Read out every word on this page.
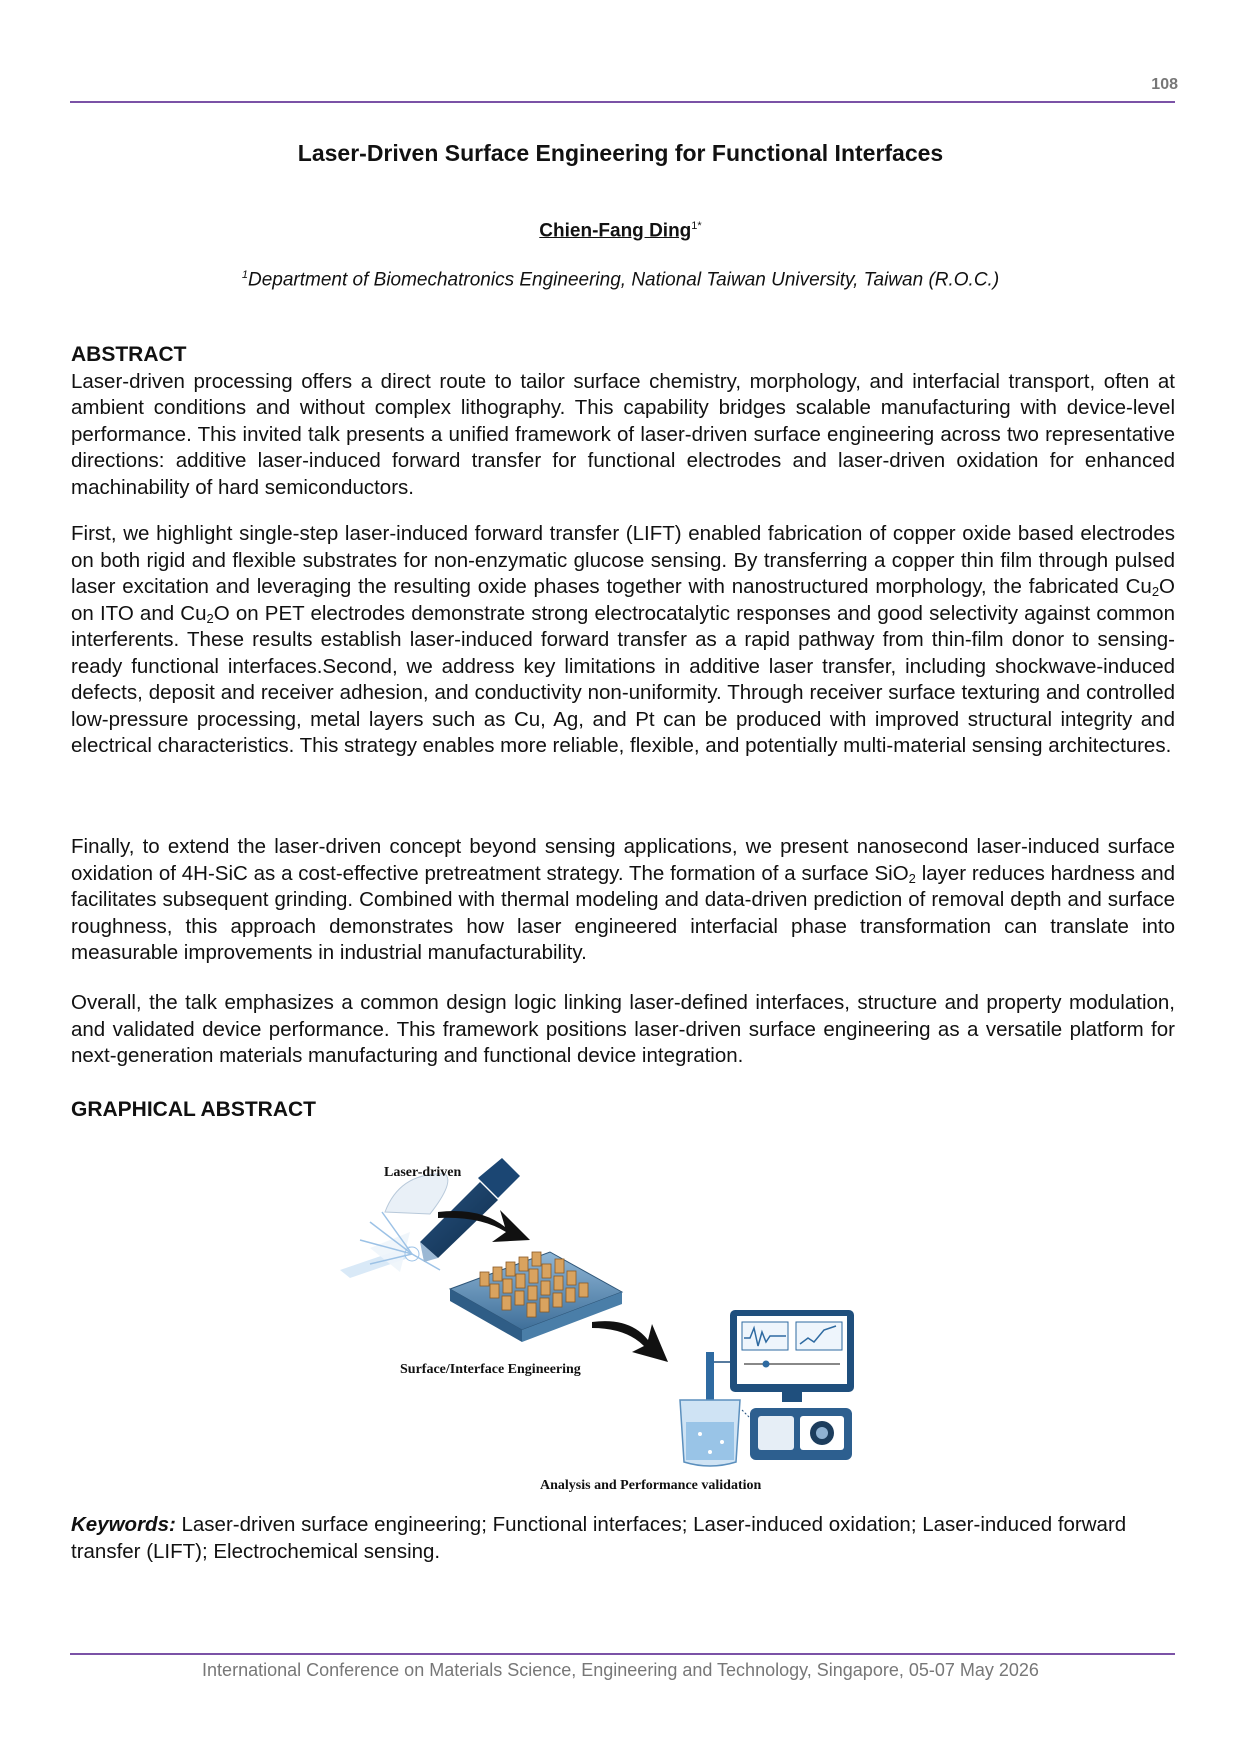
108
Laser-Driven Surface Engineering for Functional Interfaces
Chien-Fang Ding$^{1*}$
$^1$Department of Biomechatronics Engineering, National Taiwan University, Taiwan (R.O.C.)
ABSTRACT

Laser-driven processing offers a direct route to tailor surface chemistry, morphology, and interfacial transport, often at ambient conditions and without complex lithography. This capability bridges scalable manufacturing with device-level performance. This invited talk presents a unified framework of laser-driven surface engineering across two representative directions: additive laser-induced forward transfer for functional electrodes and laser-driven oxidation for enhanced machinability of hard semiconductors.

First, we highlight single-step laser-induced forward transfer (LIFT) enabled fabrication of copper oxide based electrodes on both rigid and flexible substrates for non-enzymatic glucose sensing. By transferring a copper thin film through pulsed laser excitation and leveraging the resulting oxide phases together with nanostructured morphology, the fabricated $Cu_2O$ on ITO and $Cu_2O$ on PET electrodes demonstrate strong electrocatalytic responses and good selectivity against common interferents. These results establish laser-induced forward transfer as a rapid pathway from thin-film donor to sensing-ready functional interfaces.Second, we address key limitations in additive laser transfer, including shockwave-induced defects, deposit and receiver adhesion, and conductivity non-uniformity. Through receiver surface texturing and controlled low-pressure processing, metal layers such as Cu, Ag, and Pt can be produced with improved structural integrity and electrical characteristics. This strategy enables more reliable, flexible, and potentially multi-material sensing architectures.

Finally, to extend the laser-driven concept beyond sensing applications, we present nanosecond laser-induced surface oxidation of 4H-SiC as a cost-effective pretreatment strategy. The formation of a surface SiO$_2$ layer reduces hardness and facilitates subsequent grinding. Combined with thermal modeling and data-driven prediction of removal depth and surface roughness, this approach demonstrates how laser engineered interfacial phase transformation can translate into measurable improvements in industrial manufacturability.

Overall, the talk emphasizes a common design logic linking laser-defined interfaces, structure and property modulation, and validated device performance. This framework positions laser-driven surface engineering as a versatile platform for next-generation materials manufacturing and functional device integration.

GRAPHICAL ABSTRACT
Laser-driven
Surface/Interface Engineering
Analysis and Performance validation
Keywords: Laser-driven surface engineering; Functional interfaces; Laser-induced oxidation; Laser-induced forward transfer (LIFT); Electrochemical sensing.
International Conference on Materials Science, Engineering and Technology, Singapore, 05-07 May 2026
